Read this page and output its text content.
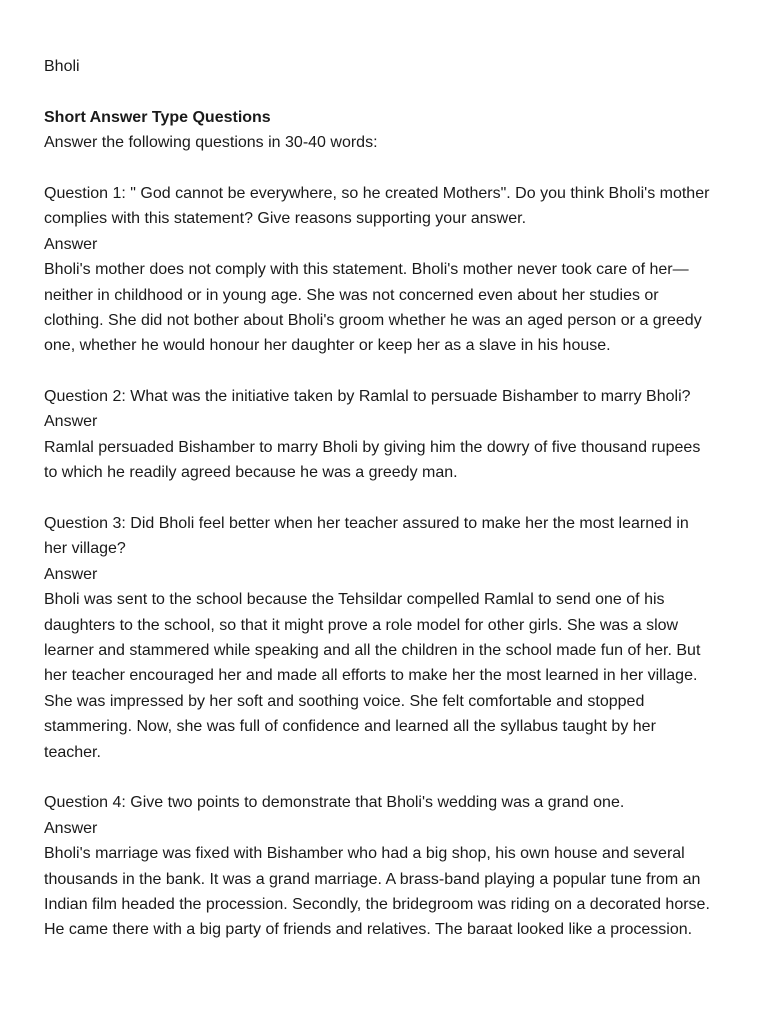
Bholi
Short Answer Type Questions
Answer the following questions in 30-40 words:
Question 1: " God cannot be everywhere, so he created Mothers". Do you think Bholi's mother
complies with this statement? Give reasons supporting your answer.
Answer
Bholi's mother does not comply with this statement. Bholi's mother never took care of her—
neither in childhood or in young age. She was not concerned even about her studies or
clothing. She did not bother about Bholi's groom whether he was an aged person or a greedy
one, whether he would honour her daughter or keep her as a slave in his house.
Question 2: What was the initiative taken by Ramlal to persuade Bishamber to marry Bholi?
Answer
Ramlal persuaded Bishamber to marry Bholi by giving him the dowry of five thousand rupees
to which he readily agreed because he was a greedy man.
Question 3: Did Bholi feel better when her teacher assured to make her the most learned in
her village?
Answer
Bholi was sent to the school because the Tehsildar compelled Ramlal to send one of his
daughters to the school, so that it might prove a role model for other girls. She was a slow
learner and stammered while speaking and all the children in the school made fun of her. But
her teacher encouraged her and made all efforts to make her the most learned in her village.
She was impressed by her soft and soothing voice. She felt comfortable and stopped
stammering. Now, she was full of confidence and learned all the syllabus taught by her
teacher.
Question 4: Give two points to demonstrate that Bholi's wedding was a grand one.
Answer
Bholi's marriage was fixed with Bishamber who had a big shop, his own house and several
thousands in the bank. It was a grand marriage. A brass-band playing a popular tune from an
Indian film headed the procession. Secondly, the bridegroom was riding on a decorated horse.
He came there with a big party of friends and relatives. The baraat looked like a procession.
